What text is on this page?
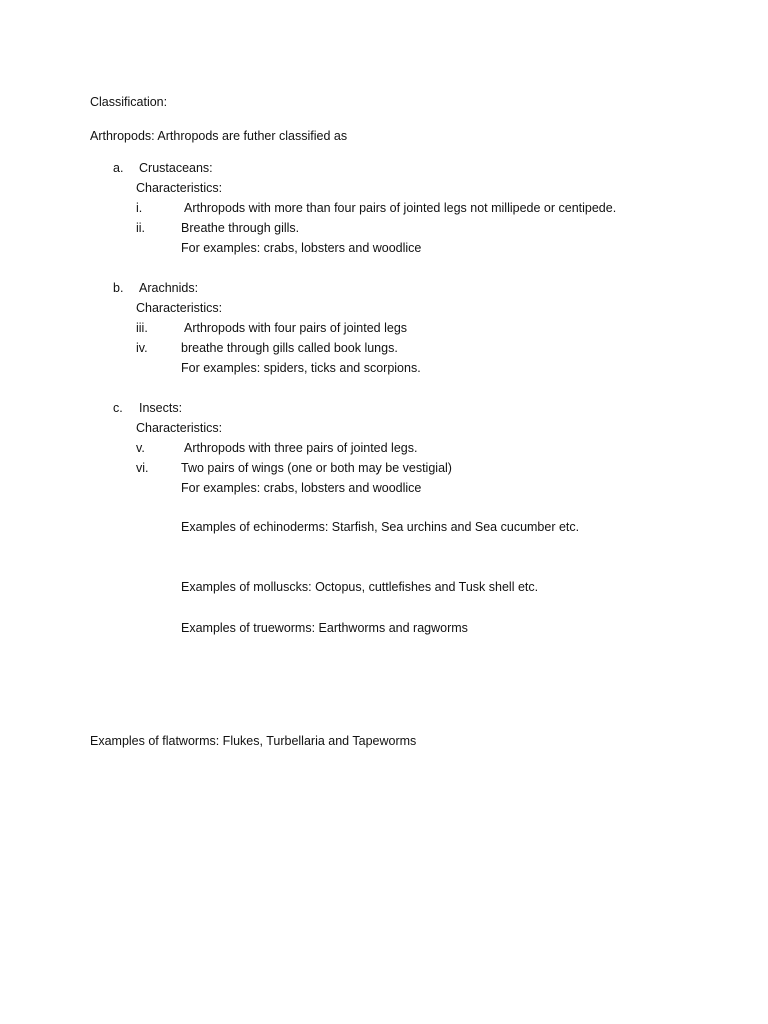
Classification:
Arthropods: Arthropods are futher classified as
a. Crustaceans:
Characteristics:
i.	Arthropods with more than four pairs of jointed legs not millipede or centipede.
ii.	Breathe through gills.
For examples: crabs, lobsters and woodlice
b. Arachnids:
Characteristics:
iii.	Arthropods with four pairs of jointed legs
iv.	breathe through gills called book lungs.
For examples: spiders, ticks and scorpions.
c. Insects:
Characteristics:
v.	Arthropods with three pairs of jointed legs.
vi.	Two pairs of wings (one or both may be vestigial)
For examples: crabs, lobsters and woodlice
Examples of echinoderms: Starfish, Sea urchins and Sea cucumber etc.
Examples of molluscks: Octopus, cuttlefishes and Tusk shell etc.
Examples of trueworms: Earthworms and ragworms
Examples of flatworms: Flukes, Turbellaria and Tapeworms
